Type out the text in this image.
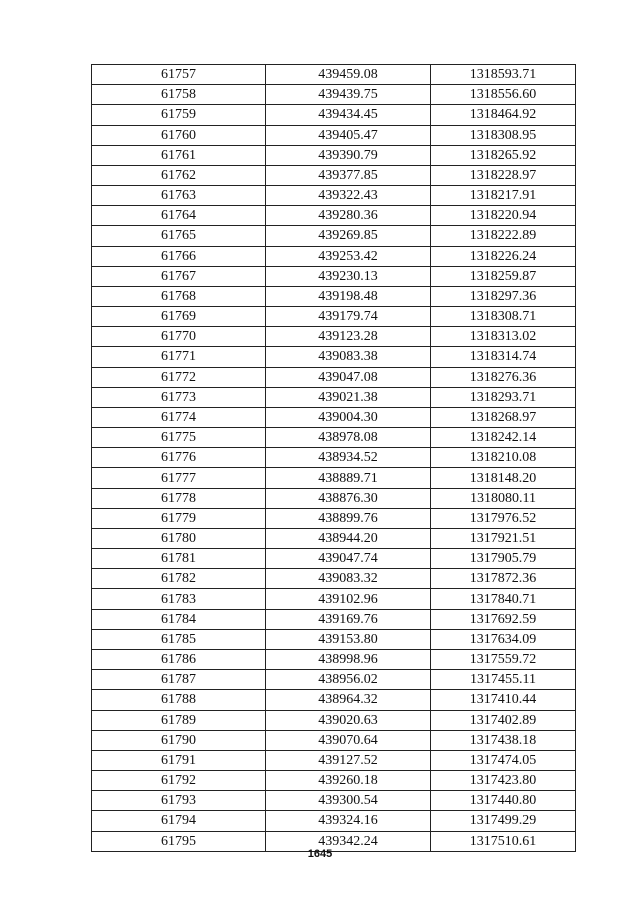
61757	439459.08	1318593.71
61758	439439.75	1318556.60
61759	439434.45	1318464.92
61760	439405.47	1318308.95
61761	439390.79	1318265.92
61762	439377.85	1318228.97
61763	439322.43	1318217.91
61764	439280.36	1318220.94
61765	439269.85	1318222.89
61766	439253.42	1318226.24
61767	439230.13	1318259.87
61768	439198.48	1318297.36
61769	439179.74	1318308.71
61770	439123.28	1318313.02
61771	439083.38	1318314.74
61772	439047.08	1318276.36
61773	439021.38	1318293.71
61774	439004.30	1318268.97
61775	438978.08	1318242.14
61776	438934.52	1318210.08
61777	438889.71	1318148.20
61778	438876.30	1318080.11
61779	438899.76	1317976.52
61780	438944.20	1317921.51
61781	439047.74	1317905.79
61782	439083.32	1317872.36
61783	439102.96	1317840.71
61784	439169.76	1317692.59
61785	439153.80	1317634.09
61786	438998.96	1317559.72
61787	438956.02	1317455.11
61788	438964.32	1317410.44
61789	439020.63	1317402.89
61790	439070.64	1317438.18
61791	439127.52	1317474.05
61792	439260.18	1317423.80
61793	439300.54	1317440.80
61794	439324.16	1317499.29
61795	439342.24	1317510.61
1645
